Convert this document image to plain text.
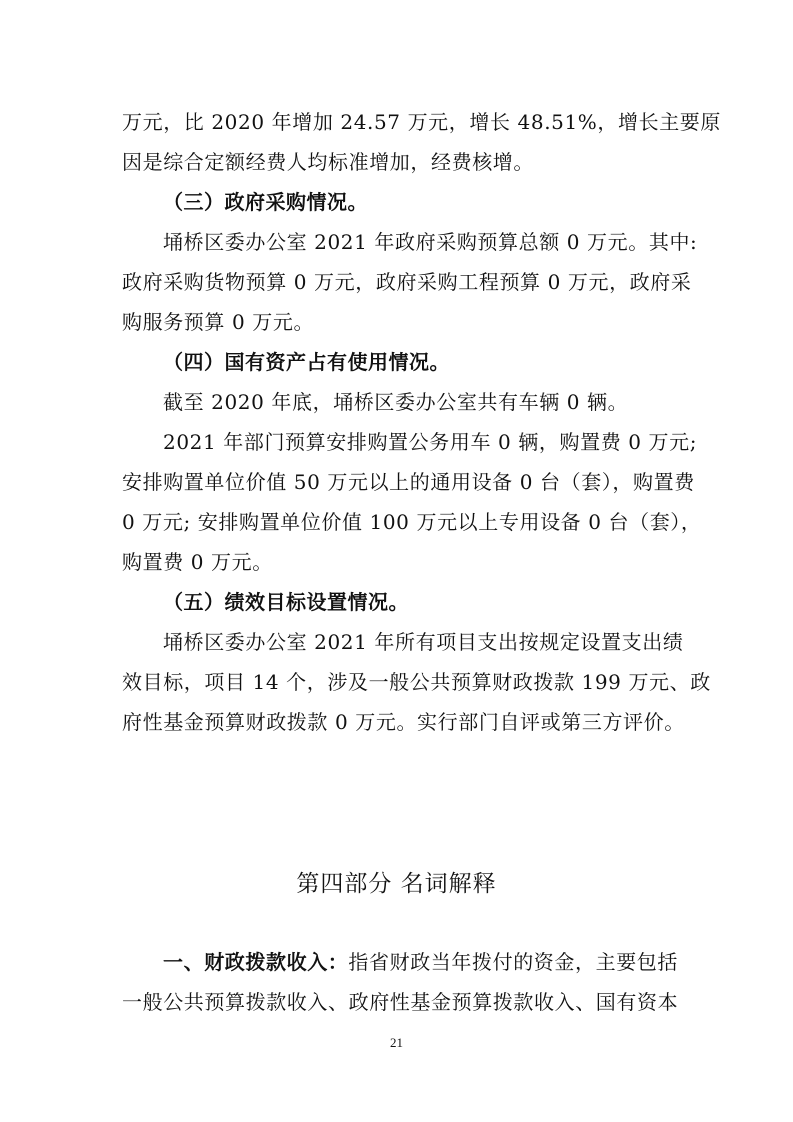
万元，比 2020 年增加 24.57 万元，增长 48.51%，增长主要原
因是综合定额经费人均标准增加，经费核增。
（三）政府采购情况。
埇桥区委办公室 2021 年政府采购预算总额 0 万元。其中:
政府采购货物预算 0 万元，政府采购工程预算 0 万元，政府采
购服务预算 0 万元。
（四）国有资产占有使用情况。
截至 2020 年底，埇桥区委办公室共有车辆 0 辆。
2021 年部门预算安排购置公务用车 0 辆，购置费 0 万元;
安排购置单位价值 50 万元以上的通用设备 0 台（套），购置费
0 万元; 安排购置单位价值 100 万元以上专用设备 0 台（套），
购置费 0 万元。
（五）绩效目标设置情况。
埇桥区委办公室 2021 年所有项目支出按规定设置支出绩
效目标，项目 14 个，涉及一般公共预算财政拨款 199 万元、政
府性基金预算财政拨款 0 万元。实行部门自评或第三方评价。
第四部分 名词解释
一、财政拨款收入：指省财政当年拨付的资金，主要包括
一般公共预算拨款收入、政府性基金预算拨款收入、国有资本
21
